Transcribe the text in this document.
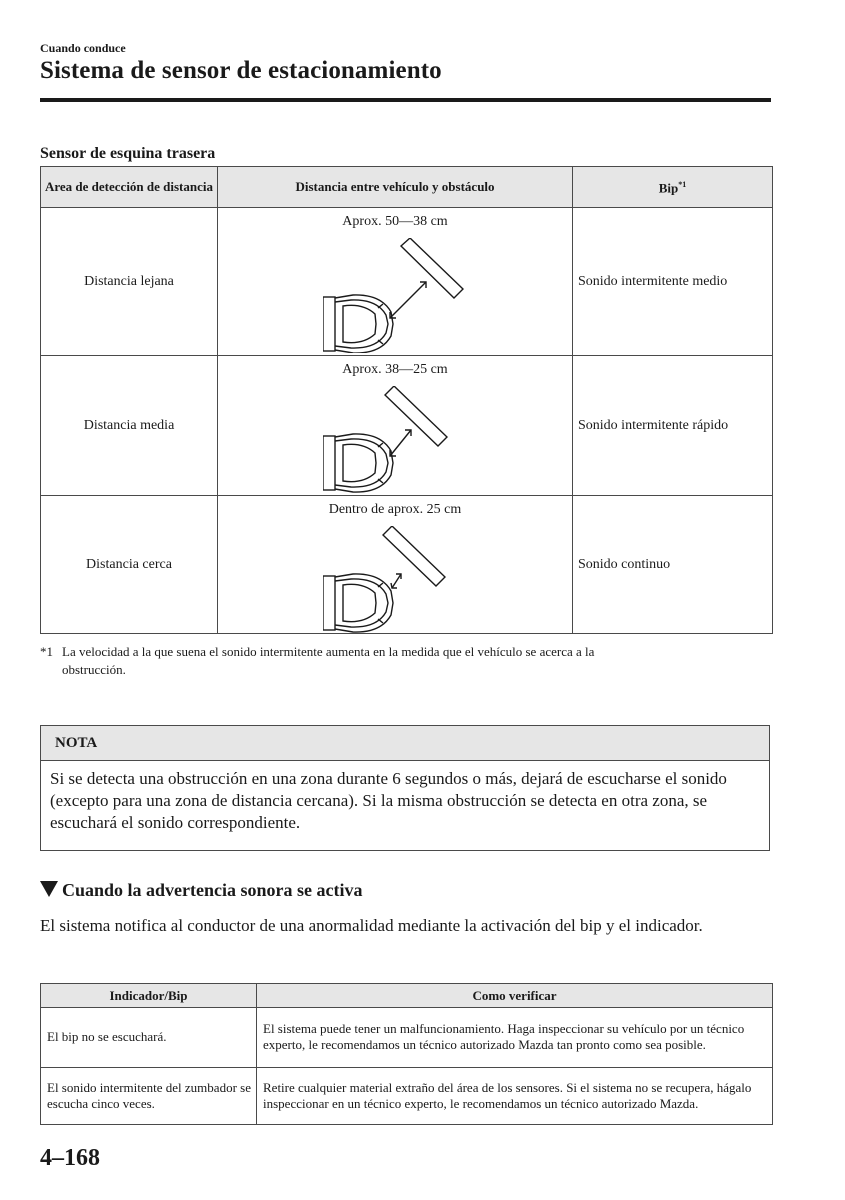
Cuando conduce
Sistema de sensor de estacionamiento
Sensor de esquina trasera
Area de detección de distancia	Distancia entre vehículo y obstáculo	Bip$^{*1}$
Distancia lejana	Aprox. 50—38 cm	Sonido intermitente medio
Distancia media	Aprox. 38—25 cm	Sonido intermitente rápido
Distancia cerca	Dentro de aprox. 25 cm	Sonido continuo
*1 La velocidad a la que suena el sonido intermitente aumenta en la medida que el vehículo se acerca a la
obstrucción.
NOTA
Si se detecta una obstrucción en una zona durante 6 segundos o más, dejará de escucharse el sonido (excepto para una zona de distancia cercana). Si la misma obstrucción se detecta en otra zona, se escuchará el sonido correspondiente.
Cuando la advertencia sonora se activa
El sistema notifica al conductor de una anormalidad mediante la activación del bip y el indicador.
Indicador/Bip	Como verificar
El bip no se escuchará.	El sistema puede tener un malfuncionamiento. Haga inspeccionar su vehículo por un técnico experto, le recomendamos un técnico autorizado Mazda tan pronto como sea posible.
El sonido intermitente del zumbador se escucha cinco veces.	Retire cualquier material extraño del área de los sensores. Si el sistema no se recupera, hágalo inspeccionar en un técnico experto, le recomendamos un técnico autorizado Mazda.
4–168
